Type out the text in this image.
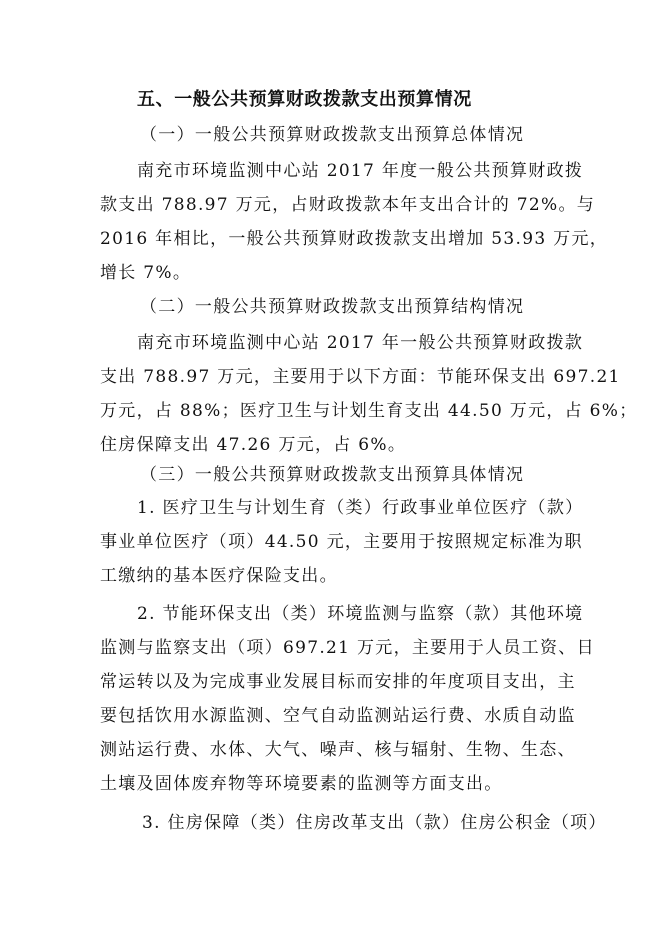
五、一般公共预算财政拨款支出预算情况
（一）一般公共预算财政拨款支出预算总体情况
南充市环境监测中心站 2017 年度一般公共预算财政拨
款支出 788.97 万元，占财政拨款本年支出合计的 72%。与
2016 年相比，一般公共预算财政拨款支出增加 53.93 万元，
增长 7%。
（二）一般公共预算财政拨款支出预算结构情况
南充市环境监测中心站 2017 年一般公共预算财政拨款
支出 788.97 万元，主要用于以下方面：节能环保支出 697.21
万元，占 88%；医疗卫生与计划生育支出 44.50 万元，占 6%；
住房保障支出 47.26 万元，占 6%。
（三）一般公共预算财政拨款支出预算具体情况
1. 医疗卫生与计划生育（类）行政事业单位医疗（款）
事业单位医疗（项）44.50 元，主要用于按照规定标准为职
工缴纳的基本医疗保险支出。
2. 节能环保支出（类）环境监测与监察（款）其他环境
监测与监察支出（项）697.21 万元，主要用于人员工资、日
常运转以及为完成事业发展目标而安排的年度项目支出，主
要包括饮用水源监测、空气自动监测站运行费、水质自动监
测站运行费、水体、大气、噪声、核与辐射、生物、生态、
土壤及固体废弃物等环境要素的监测等方面支出。
3. 住房保障（类）住房改革支出（款）住房公积金（项）
